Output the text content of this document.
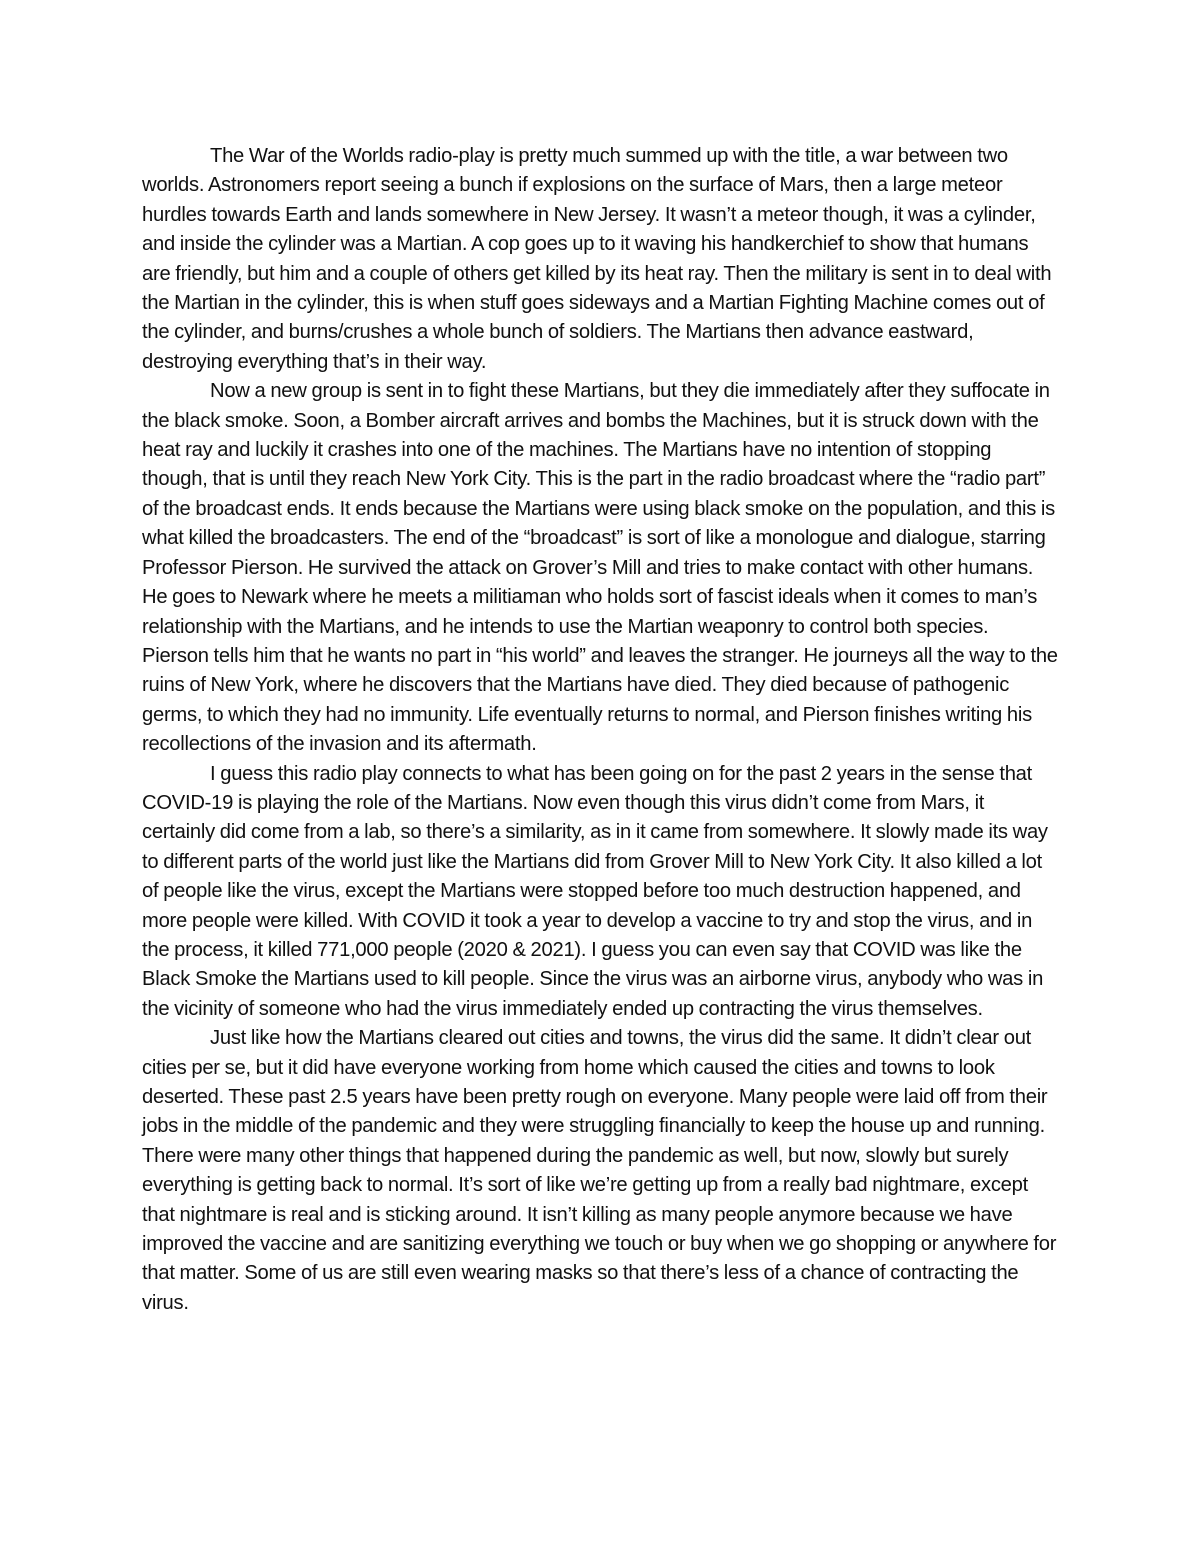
The War of the Worlds radio-play is pretty much summed up with the title, a war between two worlds. Astronomers report seeing a bunch if explosions on the surface of Mars, then a large meteor hurdles towards Earth and lands somewhere in New Jersey. It wasn’t a meteor though, it was a cylinder, and inside the cylinder was a Martian. A cop goes up to it waving his handkerchief to show that humans are friendly, but him and a couple of others get killed by its heat ray. Then the military is sent in to deal with the Martian in the cylinder, this is when stuff goes sideways and a Martian Fighting Machine comes out of the cylinder, and burns/crushes a whole bunch of soldiers. The Martians then advance eastward, destroying everything that’s in their way.

Now a new group is sent in to fight these Martians, but they die immediately after they suffocate in the black smoke. Soon, a Bomber aircraft arrives and bombs the Machines, but it is struck down with the heat ray and luckily it crashes into one of the machines. The Martians have no intention of stopping though, that is until they reach New York City. This is the part in the radio broadcast where the “radio part” of the broadcast ends. It ends because the Martians were using black smoke on the population, and this is what killed the broadcasters. The end of the “broadcast” is sort of like a monologue and dialogue, starring Professor Pierson. He survived the attack on Grover’s Mill and tries to make contact with other humans. He goes to Newark where he meets a militiaman who holds sort of fascist ideals when it comes to man’s relationship with the Martians, and he intends to use the Martian weaponry to control both species. Pierson tells him that he wants no part in “his world” and leaves the stranger. He journeys all the way to the ruins of New York, where he discovers that the Martians have died. They died because of pathogenic germs, to which they had no immunity. Life eventually returns to normal, and Pierson finishes writing his recollections of the invasion and its aftermath.

I guess this radio play connects to what has been going on for the past 2 years in the sense that COVID-19 is playing the role of the Martians. Now even though this virus didn’t come from Mars, it certainly did come from a lab, so there’s a similarity, as in it came from somewhere. It slowly made its way to different parts of the world just like the Martians did from Grover Mill to New York City. It also killed a lot of people like the virus, except the Martians were stopped before too much destruction happened, and more people were killed. With COVID it took a year to develop a vaccine to try and stop the virus, and in the process, it killed 771,000 people (2020 & 2021). I guess you can even say that COVID was like the Black Smoke the Martians used to kill people. Since the virus was an airborne virus, anybody who was in the vicinity of someone who had the virus immediately ended up contracting the virus themselves.

Just like how the Martians cleared out cities and towns, the virus did the same. It didn’t clear out cities per se, but it did have everyone working from home which caused the cities and towns to look deserted. These past 2.5 years have been pretty rough on everyone. Many people were laid off from their jobs in the middle of the pandemic and they were struggling financially to keep the house up and running. There were many other things that happened during the pandemic as well, but now, slowly but surely everything is getting back to normal. It’s sort of like we’re getting up from a really bad nightmare, except that nightmare is real and is sticking around. It isn’t killing as many people anymore because we have improved the vaccine and are sanitizing everything we touch or buy when we go shopping or anywhere for that matter. Some of us are still even wearing masks so that there’s less of a chance of contracting the virus.
